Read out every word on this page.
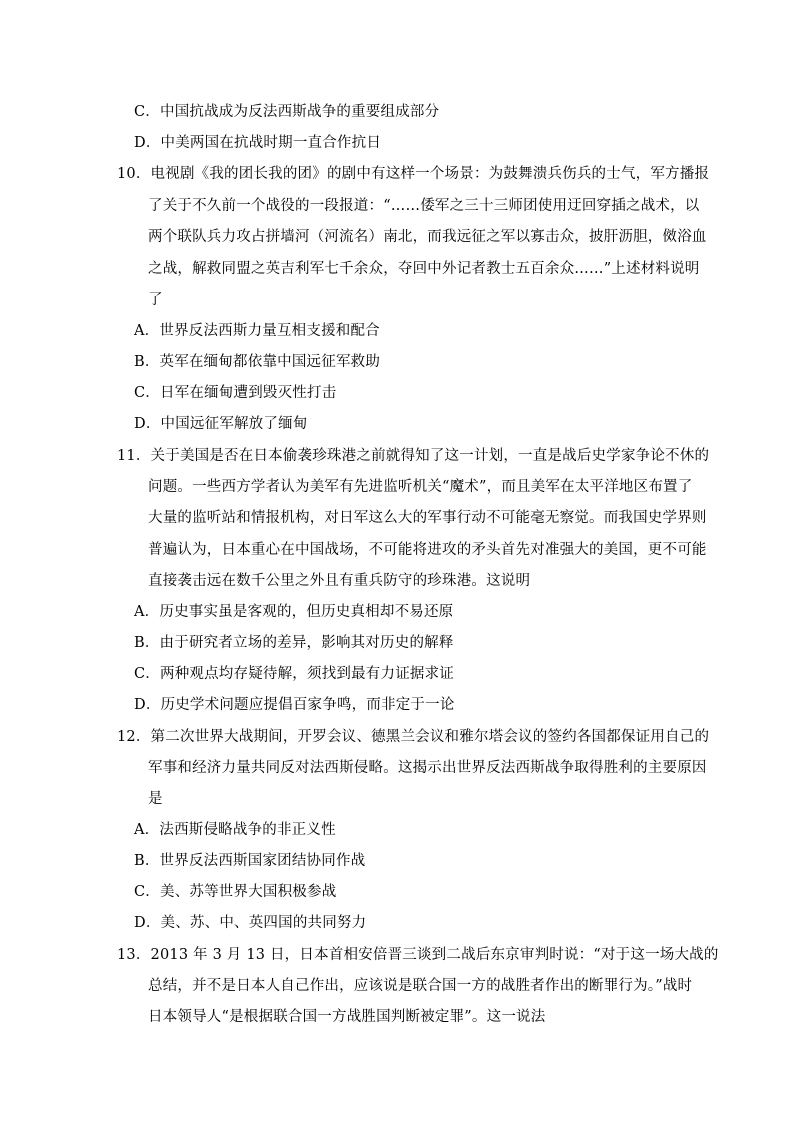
C．中国抗战成为反法西斯战争的重要组成部分
D．中美两国在抗战时期一直合作抗日
10．电视剧《我的团长我的团》的剧中有这样一个场景：为鼓舞溃兵伤兵的士气，军方播报
了关于不久前一个战役的一段报道：“……倭军之三十三师团使用迂回穿插之战术，以
两个联队兵力攻占拼墙河（河流名）南北，而我远征之军以寡击众，披肝沥胆，傚浴血
之战，解救同盟之英吉利军七千余众，夺回中外记者教士五百余众……”上述材料说明
了
A．世界反法西斯力量互相支援和配合
B．英军在缅甸都依靠中国远征军救助
C．日军在缅甸遭到毁灭性打击
D．中国远征军解放了缅甸
11．关于美国是否在日本偷袭珍珠港之前就得知了这一计划，一直是战后史学家争论不休的
问题。一些西方学者认为美军有先进监听机关“魔术”，而且美军在太平洋地区布置了
大量的监听站和情报机构，对日军这么大的军事行动不可能毫无察觉。而我国史学界则
普遍认为，日本重心在中国战场，不可能将进攻的矛头首先对准强大的美国，更不可能
直接袭击远在数千公里之外且有重兵防守的珍珠港。这说明
A．历史事实虽是客观的，但历史真相却不易还原
B．由于研究者立场的差异，影响其对历史的解释
C．两种观点均存疑待解，须找到最有力证据求证
D．历史学术问题应提倡百家争鸣，而非定于一论
12．第二次世界大战期间，开罗会议、德黑兰会议和雅尔塔会议的签约各国都保证用自己的
军事和经济力量共同反对法西斯侵略。这揭示出世界反法西斯战争取得胜利的主要原因
是
A．法西斯侵略战争的非正义性
B．世界反法西斯国家团结协同作战
C．美、苏等世界大国积极参战
D．美、苏、中、英四国的共同努力
13．2013 年 3 月 13 日，日本首相安倍晋三谈到二战后东京审判时说：“对于这一场大战的
总结，并不是日本人自己作出，应该说是联合国一方的战胜者作出的断罪行为。”战时
日本领导人“是根据联合国一方战胜国判断被定罪”。这一说法
